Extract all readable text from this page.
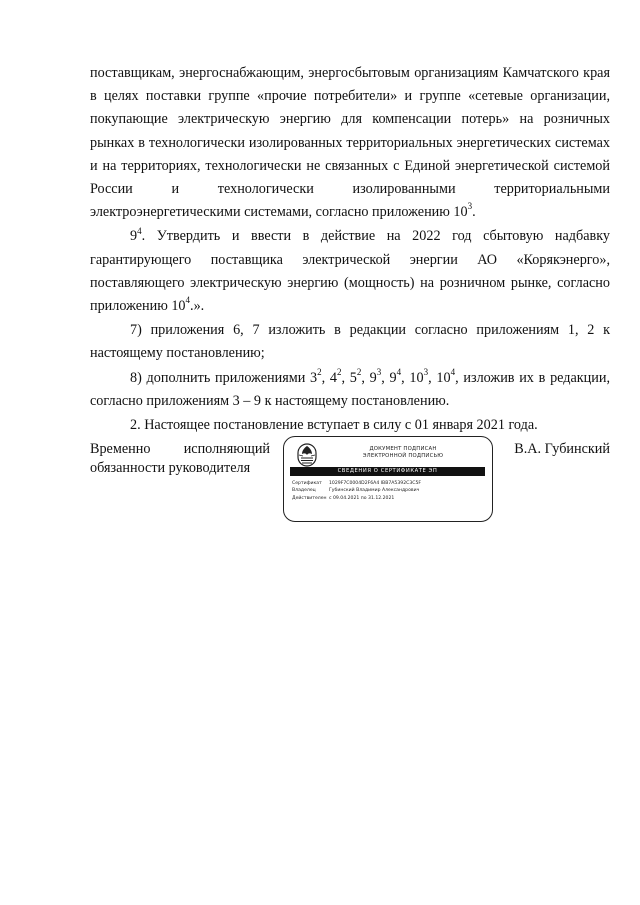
поставщикам, энергоснабжающим, энергосбытовым организациям Камчатского края в целях поставки группе «прочие потребители» и группе «сетевые организации, покупающие электрическую энергию для компенсации потерь» на розничных рынках в технологически изолированных территориальных энергетических системах и на территориях, технологически не связанных с Единой энергетической системой России и технологически изолированными территориальными электроэнергетическими системами, согласно приложению $10^3$.

$9^4$. Утвердить и ввести в действие на 2022 год сбытовую надбавку гарантирующего поставщика электрической энергии АО «Корякэнерго», поставляющего электрическую энергию (мощность) на розничном рынке, согласно приложению $10^4$.».

7) приложения 6, 7 изложить в редакции согласно приложениям 1, 2 к настоящему постановлению;

8) дополнить приложениями $3^2$, $4^2$, $5^2$, $9^3$, $9^4$, $10^3$, $10^4$, изложив их в редакции, согласно приложениям 3 – 9 к настоящему постановлению.

2. Настоящее постановление вступает в силу с 01 января 2021 года.

Временно исполняющий
обязанности руководителя
ДОКУМЕНТ ПОДПИСАН
ЭЛЕКТРОННОЙ ПОДПИСЬЮ
СВЕДЕНИЯ О СЕРТИФИКАТЕ ЭП
Сертификат	1029F7C0004D2F6A4 IBB7A5392C3C5F
Владелец	Губинский Владимир Александрович
Действителен с 09.04.2021 по 31.12.2021
В.А. Губинский
